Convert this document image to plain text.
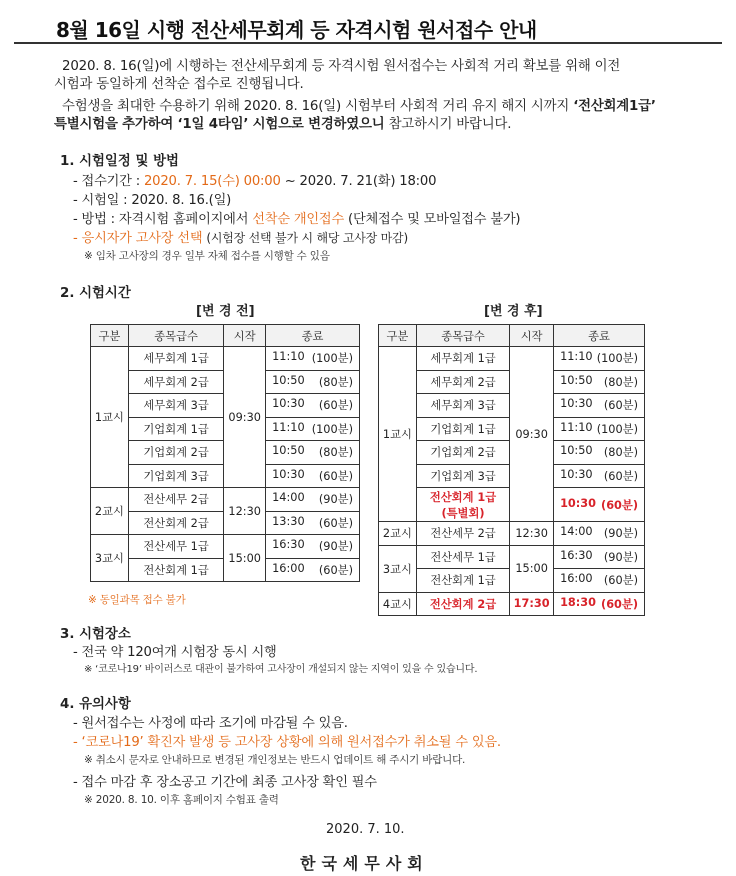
8월 16일 시행 전산세무회계 등 자격시험 원서접수 안내
2020. 8. 16(일)에 시행하는 전산세무회계 등 자격시험 원서접수는 사회적 거리 확보를 위해 이전
시험과 동일하게 선착순 접수로 진행됩니다.
수험생을 최대한 수용하기 위해 2020. 8. 16(일) 시험부터 사회적 거리 유지 해지 시까지 ‘전산회계1급’
특별시험을 추가하여 ‘1일 4타임’ 시험으로 변경하였으니 참고하시기 바랍니다.
1. 시험일정 및 방법
- 접수기간 : 2020. 7. 15(수) 00:00 ~ 2020. 7. 21(화) 18:00
- 시험일 : 2020. 8. 16.(일)
- 방법 : 자격시험 홈페이지에서 선착순 개인접수 (단체접수 및 모바일접수 불가)
- 응시자가 고사장 선택 (시험장 선택 불가 시 해당 고사장 마감)
※ 임차 고사장의 경우 일부 자체 접수를 시행할 수 있음
2. 시험시간
[변 경 전]	[변 경 후]
구분	종목급수	시작	종료
1교시	세무회계 1급	09:30	11:10 (100분)

	세무회계 2급		10:50 (80분)

	세무회계 3급		10:30 (60분)

	기업회계 1급		11:10 (100분)

	기업회계 2급		10:50 (80분)

	기업회계 3급		10:30 (60분)

2교시	전산세무 2급	12:30	14:00 (90분)

	전산회계 2급		13:30 (60분)

3교시	전산세무 1급	15:00	16:30 (90분)

	전산회계 1급		16:00 (60분)
구분	종목급수	시작	종료
1교시	세무회계 1급	09:30	11:10 (100분)

	세무회계 2급		10:50 (80분)

	세무회계 3급		10:30 (60분)

	기업회계 1급		11:10 (100분)

	기업회계 2급		10:50 (80분)

	기업회계 3급		10:30 (60분)

	전산회계 1급
(특별회)		10:30 (60분)

2교시	전산세무 2급	12:30	14:00 (90분)

3교시	전산세무 1급	15:00	16:30 (90분)

	전산회계 1급		16:00 (60분)

4교시	전산회계 2급	17:30	18:30 (60분)
※ 동일과목 접수 불가
3. 시험장소
- 전국 약 120여개 시험장 동시 시행
※ ‘코로나19’ 바이러스로 대관이 불가하여 고사장이 개설되지 않는 지역이 있을 수 있습니다.
4. 유의사항
- 원서접수는 사정에 따라 조기에 마감될 수 있음.
- ‘코로나19’ 확진자 발생 등 고사장 상황에 의해 원서접수가 취소될 수 있음.
※ 취소시 문자로 안내하므로 변경된 개인정보는 반드시 업데이트 해 주시기 바랍니다.
- 접수 마감 후 장소공고 기간에 최종 고사장 확인 필수
※ 2020. 8. 10. 이후 홈페이지 수험표 출력
2020. 7. 10.
한국세무사회
